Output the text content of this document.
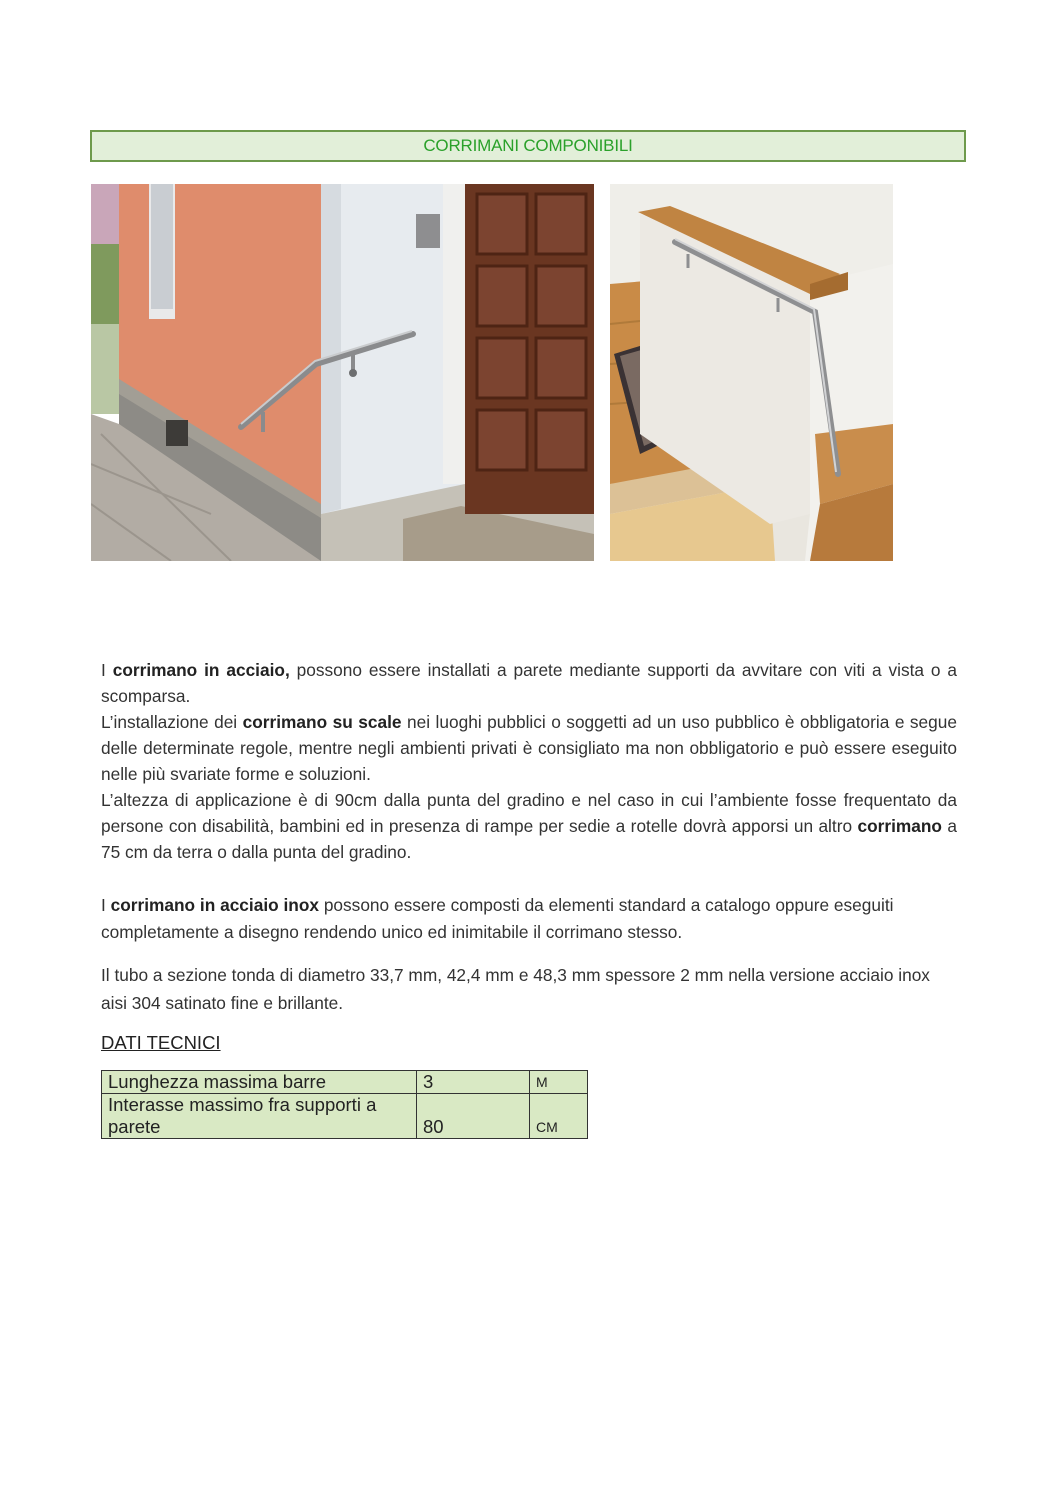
CORRIMANI COMPONIBILI

I corrimano in acciaio, possono essere installati a parete mediante supporti da avvitare con viti a vista o a scomparsa.

L’installazione dei corrimano su scale nei luoghi pubblici o soggetti ad un uso pubblico è obbligatoria e segue delle determinate regole, mentre negli ambienti privati è consigliato ma non obbligatorio e può essere eseguito nelle più svariate forme e soluzioni.

L’altezza di applicazione è di 90cm dalla punta del gradino e nel caso in cui l’ambiente fosse frequentato da persone con disabilità, bambini ed in presenza di rampe per sedie a rotelle dovrà apporsi un altro corrimano a 75 cm da terra o dalla punta del gradino.

I corrimano in acciaio inox possono essere composti da elementi standard a catalogo oppure eseguiti completamente a disegno rendendo unico ed inimitabile il corrimano stesso.

Il tubo a sezione tonda di diametro 33,7 mm, 42,4 mm e 48,3 mm spessore 2 mm nella versione acciaio inox aisi 304 satinato fine e brillante.

DATI TECNICI
Lunghezza massima barre	3	M
Interasse massimo fra supporti a parete	80	CM
